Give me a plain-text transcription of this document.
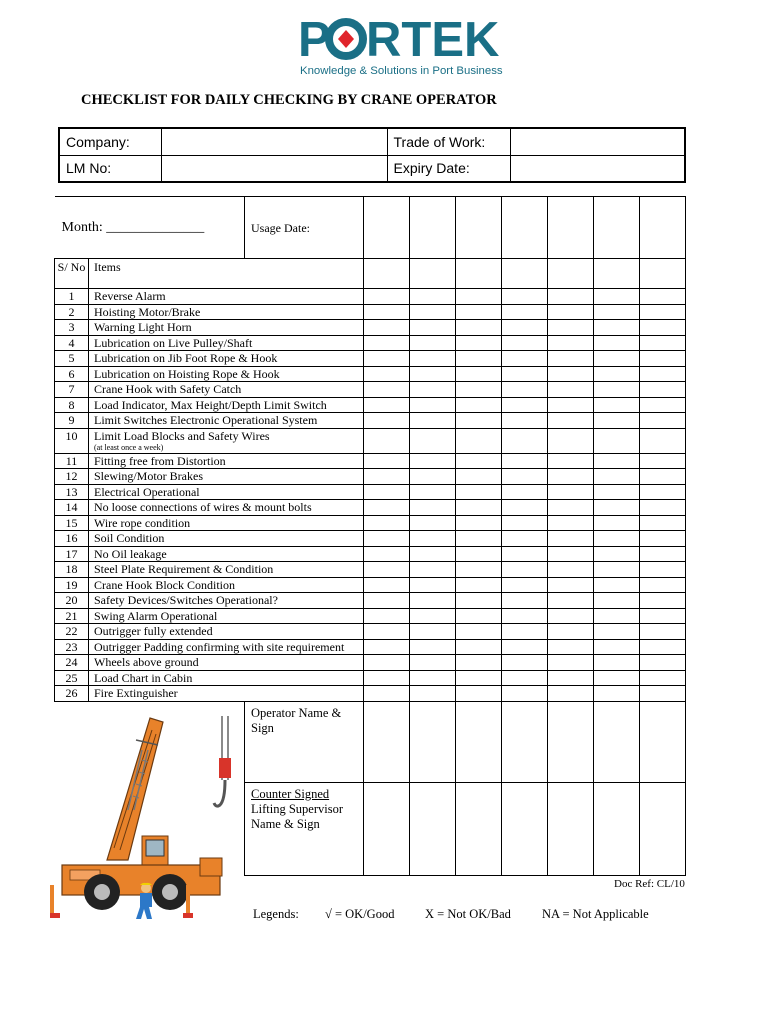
P RTEK
Knowledge & Solutions in Port Business
CHECKLIST FOR DAILY CHECKING BY CRANE OPERATOR
Company:		Trade of Work:	
LM No:		Expiry Date:	
Month: ______________		Usage Date:							
S/ No	Items								
1	Reverse Alarm								
2	Hoisting Motor/Brake								
3	Warning Light Horn								
4	Lubrication on Live Pulley/Shaft								
5	Lubrication on Jib Foot Rope & Hook								
6	Lubrication on Hoisting Rope & Hook								
7	Crane Hook with Safety Catch								
8	Load Indicator, Max Height/Depth Limit Switch								
9	Limit Switches Electronic Operational System								
10	Limit Load Blocks and Safety Wires
(at least once a week)								

11	Fitting free from Distortion								
12	Slewing/Motor Brakes								
13	Electrical Operational								
14	No loose connections of wires & mount bolts								
15	Wire rope condition								
16	Soil Condition								
17	No Oil leakage								
18	Steel Plate Requirement & Condition								
19	Crane Hook Block Condition								
20	Safety Devices/Switches Operational?								
21	Swing Alarm Operational								
22	Outrigger fully extended								
23	Outrigger Padding confirming with site requirement								
24	Wheels above ground								
25	Load Chart in Cabin								
26	Fire Extinguisher								
		Operator Name & Sign							
		Counter Signed
Lifting Supervisor Name & Sign							
Doc Ref: CL/10
Legends: √ = OK/Good X = Not OK/Bad NA = Not Applicable
